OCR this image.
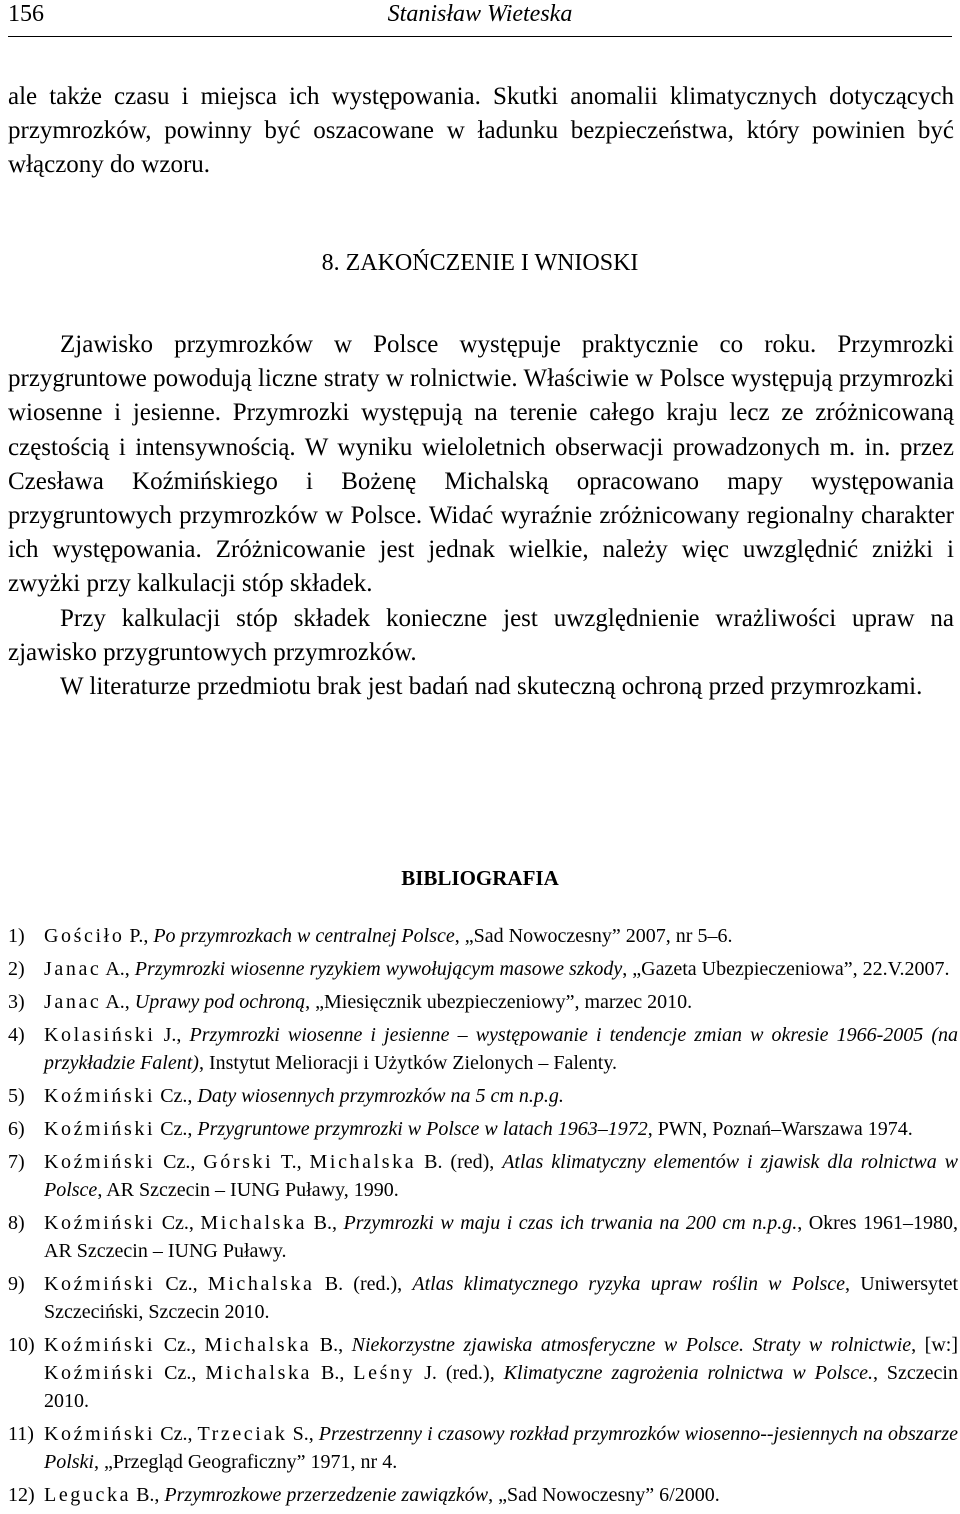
156	Stanisław Wieteska

ale także czasu i miejsca ich występowania. Skutki anomalii klimatycznych dotyczących przymrozków, powinny być oszacowane w ładunku bezpieczeństwa, który powinien być włączony do wzoru.

8. ZAKOŃCZENIE I WNIOSKI

Zjawisko przymrozków w Polsce występuje praktycznie co roku. Przymrozki przygruntowe powodują liczne straty w rolnictwie. Właściwie w Polsce występują przymrozki wiosenne i jesienne. Przymrozki występują na terenie całego kraju lecz ze zróżnicowaną częstością i intensywnością. W wyniku wieloletnich obserwacji prowadzonych m. in. przez Czesława Koźmińskiego i Bożenę Michalską opracowano mapy występowania przygruntowych przymrozków w Polsce. Widać wyraźnie zróżnicowany regionalny charakter ich występowania. Zróżnicowanie jest jednak wielkie, należy więc uwzględnić zniżki i zwyżki przy kalkulacji stóp składek.

Przy kalkulacji stóp składek konieczne jest uwzględnienie wrażliwości upraw na zjawisko przygruntowych przymrozków.

W literaturze przedmiotu brak jest badań nad skuteczną ochroną przed przymrozkami.

BIBLIOGRAFIA
1) Gościło P., Po przymrozkach w centralnej Polsce, „Sad Nowoczesny” 2007, nr 5–6.
2) Janac A., Przymrozki wiosenne ryzykiem wywołującym masowe szkody, „Gazeta Ubezpieczeniowa”, 22.V.2007.
3) Janac A., Uprawy pod ochroną, „Miesięcznik ubezpieczeniowy”, marzec 2010.
4) Kolasiński J., Przymrozki wiosenne i jesienne – występowanie i tendencje zmian w okresie 1966-2005 (na przykładzie Falent), Instytut Melioracji i Użytków Zielonych – Falenty.
5) Koźmiński Cz., Daty wiosennych przymrozków na 5 cm n.p.g.
6) Koźmiński Cz., Przygruntowe przymrozki w Polsce w latach 1963–1972, PWN, Poznań–Warszawa 1974.
7) Koźmiński Cz., Górski T., Michalska B. (red), Atlas klimatyczny elementów i zjawisk dla rolnictwa w Polsce, AR Szczecin – IUNG Puławy, 1990.
8) Koźmiński Cz., Michalska B., Przymrozki w maju i czas ich trwania na 200 cm n.p.g., Okres 1961–1980, AR Szczecin – IUNG Puławy.
9) Koźmiński Cz., Michalska B. (red.), Atlas klimatycznego ryzyka upraw roślin w Polsce, Uniwersytet Szczeciński, Szczecin 2010.
10) Koźmiński Cz., Michalska B., Niekorzystne zjawiska atmosferyczne w Polsce. Straty w rolnictwie, [w:] Koźmiński Cz., Michalska B., Leśny J. (red.), Klimatyczne zagrożenia rolnictwa w Polsce., Szczecin 2010.
11) Koźmiński Cz., Trzeciak S., Przestrzenny i czasowy rozkład przymrozków wiosenno--jesiennych na obszarze Polski, „Przegląd Geograficzny” 1971, nr 4.
12) Legucka B., Przymrozkowe przerzedzenie zawiązków, „Sad Nowoczesny” 6/2000.
